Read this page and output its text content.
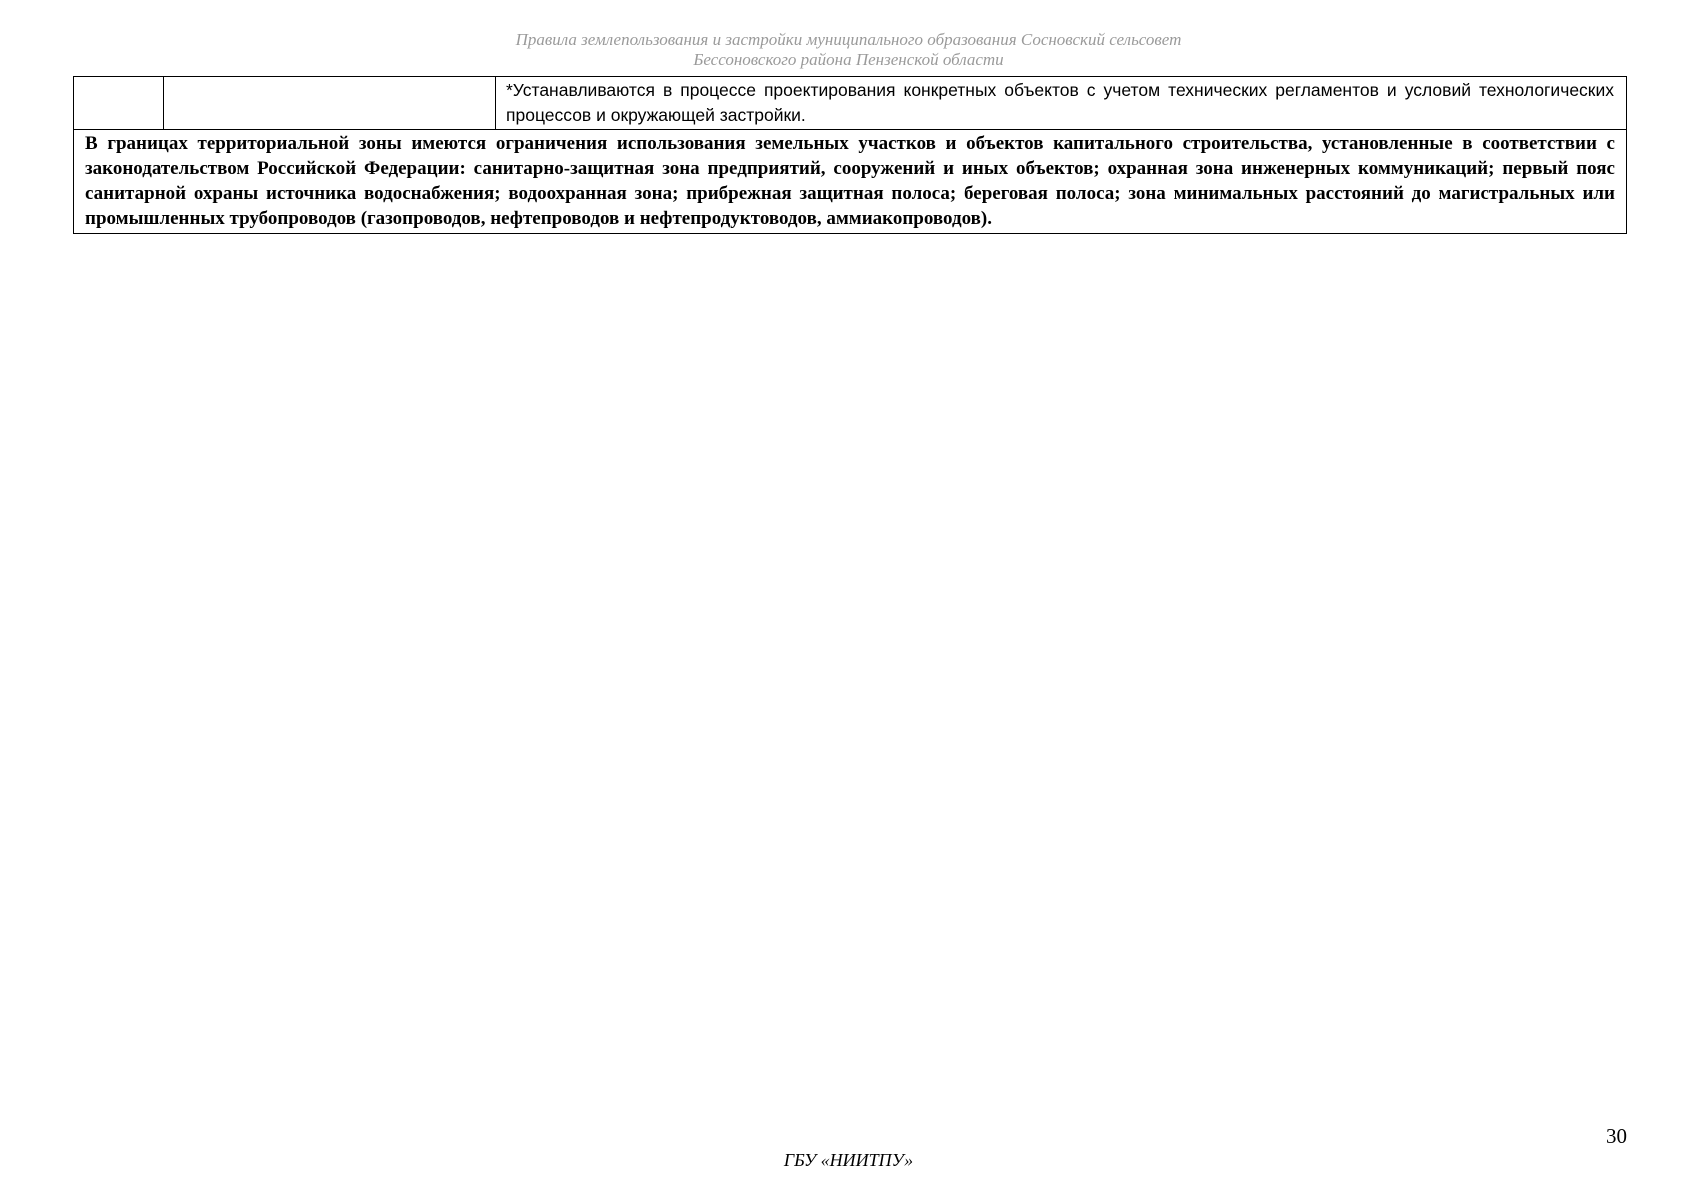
Правила землепользования и застройки муниципального образования Сосновский сельсовет
Бессоновского района Пензенской области
		*Устанавливаются в процессе проектирования конкретных объектов с учетом технических регламентов и условий технологических процессов и окружающей застройки.
В границах территориальной зоны имеются ограничения использования земельных участков и объектов капитального строительства, установленные в соответствии с законодательством Российской Федерации: санитарно-защитная зона предприятий, сооружений и иных объектов; охранная зона инженерных коммуникаций; первый пояс санитарной охраны источника водоснабжения; водоохранная зона; прибрежная защитная полоса; береговая полоса; зона минимальных расстояний до магистральных или промышленных трубопроводов (газопроводов, нефтепроводов и нефтепродуктоводов, аммиакопроводов).
30
ГБУ «НИИТПУ»
